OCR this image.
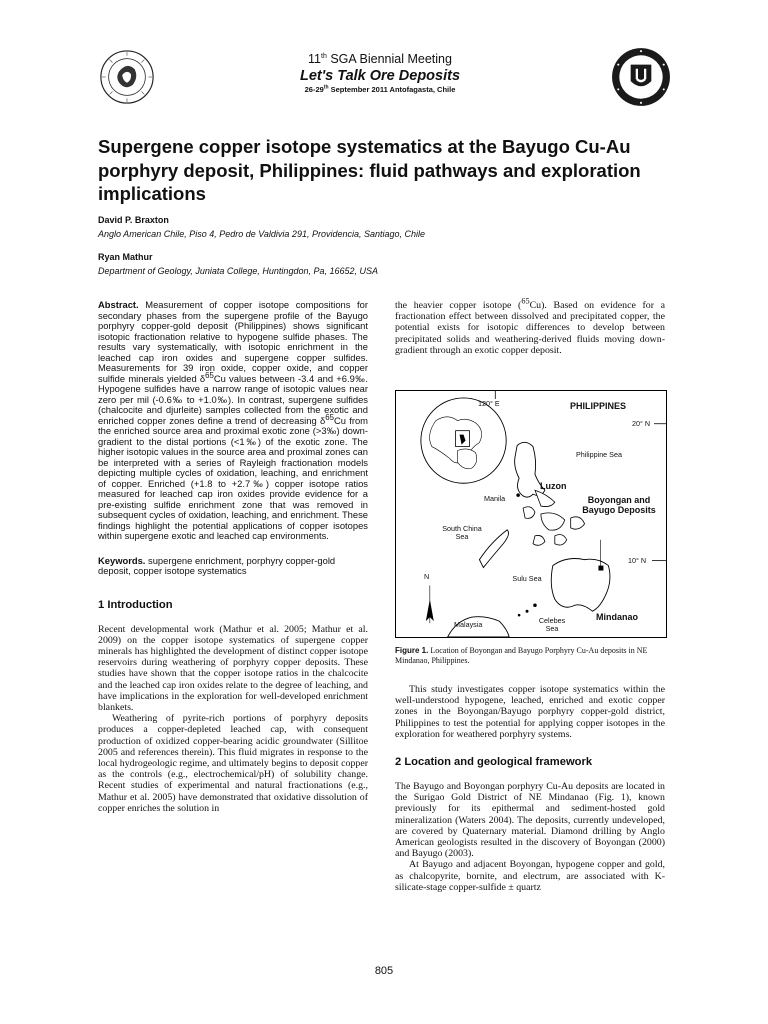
11th SGA Biennial Meeting
Let's Talk Ore Deposits
26-29th September 2011 Antofagasta, Chile
Supergene copper isotope systematics at the Bayugo Cu-Au porphyry deposit, Philippines: fluid pathways and exploration implications
David P. Braxton
Anglo American Chile, Piso 4, Pedro de Valdivia 291, Providencia, Santiago, Chile
Ryan Mathur
Department of Geology, Juniata College, Huntingdon, Pa, 16652, USA

Abstract. Measurement of copper isotope compositions for secondary phases from the supergene profile of the Bayugo porphyry copper-gold deposit (Philippines) shows significant isotopic fractionation relative to hypogene sulfide phases. The results vary systematically, with isotopic enrichment in the leached cap iron oxides and supergene copper sulfides. Measurements for 39 iron oxide, copper oxide, and copper sulfide minerals yielded $\delta^{65}Cu$ values between -3.4 and +6.9‰. Hypogene sulfides have a narrow range of isotopic values near zero per mil (-0.6‰ to +1.0‰). In contrast, supergene sulfides (chalcocite and djurleite) samples collected from the exotic and enriched copper zones define a trend of decreasing $\delta^{65}Cu$ from the enriched source area and proximal exotic zone (>3‰) down-gradient to the distal portions (<1‰) of the exotic zone. The higher isotopic values in the source area and proximal zones can be interpreted with a series of Rayleigh fractionation models depicting multiple cycles of oxidation, leaching, and enrichment of copper. Enriched (+1.8 to +2.7‰) copper isotope ratios measured for leached cap iron oxides provide evidence for a pre-existing sulfide enrichment zone that was removed in subsequent cycles of oxidation, leaching, and enrichment. These findings highlight the potential applications of copper isotopes within supergene exotic and leached cap environments.

Keywords. supergene enrichment, porphyry copper-gold deposit, copper isotope systematics

1 Introduction

Recent developmental work (Mathur et al. 2005; Mathur et al. 2009) on the copper isotope systematics of supergene copper minerals has highlighted the development of distinct copper isotope reservoirs during weathering of porphyry copper deposits. These studies have shown that the copper isotope ratios in the chalcocite and the leached cap iron oxides relate to the degree of leaching, and have implications in the exploration for well-developed enrichment blankets.

Weathering of pyrite-rich portions of porphyry deposits produces a copper-depleted leached cap, with consequent production of oxidized copper-bearing acidic groundwater (Sillitoe 2005 and references therein). This fluid migrates in response to the local hydrogeologic regime, and ultimately begins to deposit copper as the controls (e.g., electrochemical/pH) of solubility change. Recent studies of experimental and natural fractionations (e.g., Mathur et al. 2005) have demonstrated that oxidative dissolution of copper enriches the solution in

the heavier copper isotope ($^{65}$Cu). Based on evidence for a fractionation effect between dissolved and precipitated copper, the potential exists for isotopic differences to develop between precipitated solids and weathering-derived fluids moving down-gradient through an exotic copper deposit.

120° E	PHILIPPINES
20° N
Philippine Sea
Luzon
Manila	Boyongan and Bayugo Deposits
South China Sea
10° N
Sulu Sea
N
Celebes Sea
Malaysia
Mindanao
Figure 1. Location of Boyongan and Bayugo Porphyry Cu-Au deposits in NE Mindanao, Philippines.

This study investigates copper isotope systematics within the well-understood hypogene, leached, enriched and exotic copper zones in the Boyongan/Bayugo porphyry copper-gold district, Philippines to test the potential for applying copper isotopes in the exploration for weathered porphyry systems.

2 Location and geological framework

The Bayugo and Boyongan porphyry Cu-Au deposits are located in the Surigao Gold District of NE Mindanao (Fig. 1), known previously for its epithermal and sediment-hosted gold mineralization (Waters 2004). The deposits, currently undeveloped, are covered by Quaternary material. Diamond drilling by Anglo American geologists resulted in the discovery of Boyongan (2000) and Bayugo (2003).

At Bayugo and adjacent Boyongan, hypogene copper and gold, as chalcopyrite, bornite, and electrum, are associated with K-silicate-stage copper-sulfide ± quartz

805
